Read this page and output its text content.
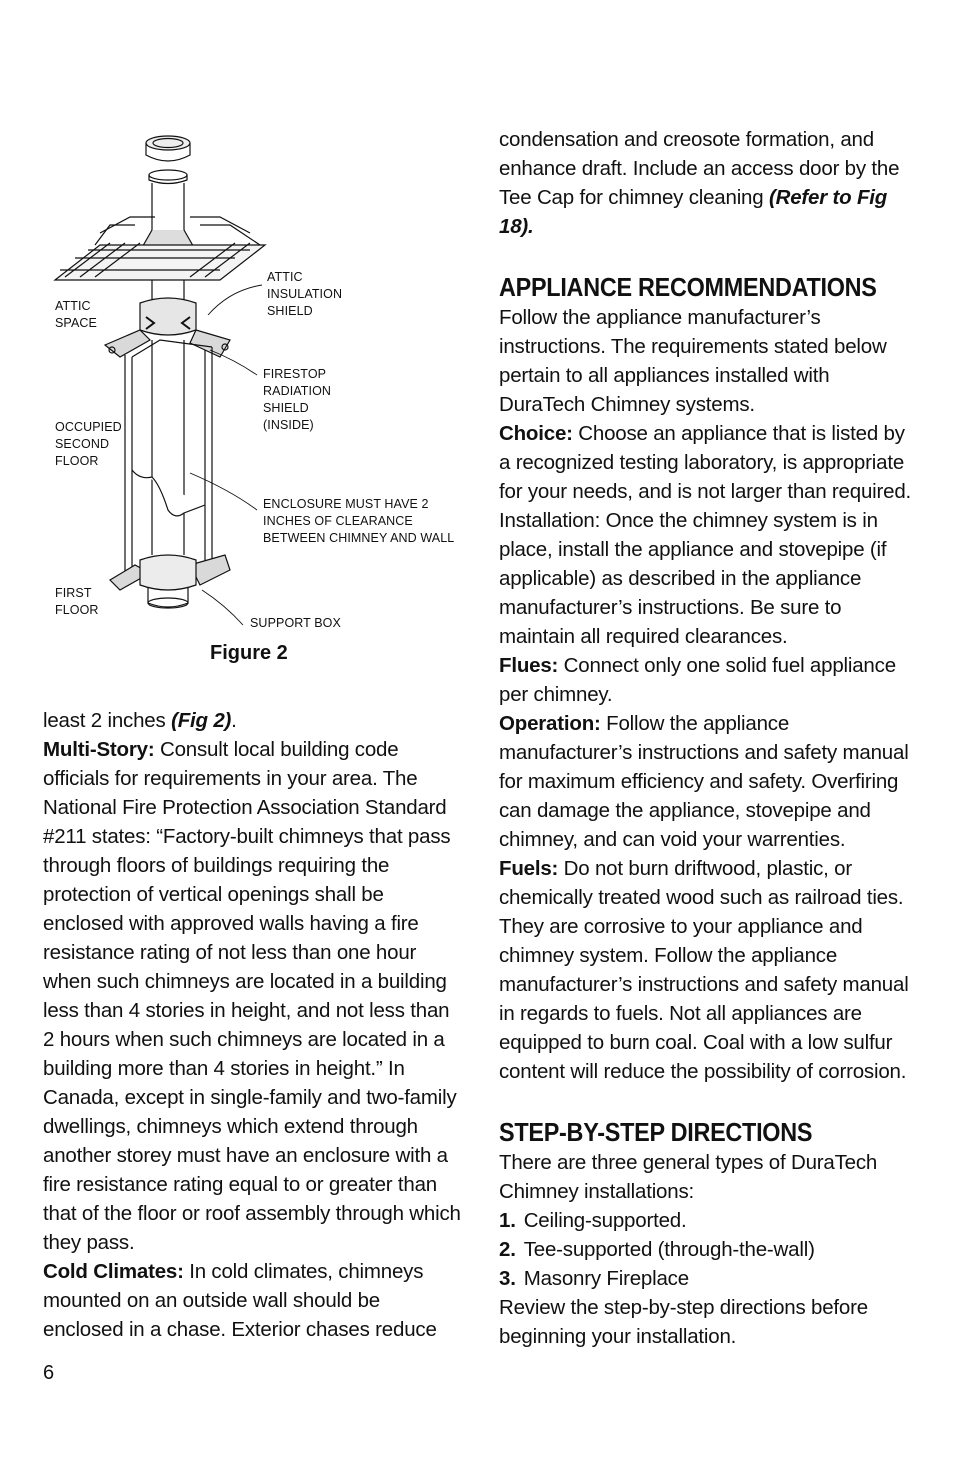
ATTIC
SPACE
ATTIC
INSULATION
SHIELD
FIRESTOP
RADIATION
SHIELD
(INSIDE)
OCCUPIED
SECOND
FLOOR
ENCLOSURE MUST HAVE 2
INCHES OF CLEARANCE
BETWEEN CHIMNEY AND WALL
FIRST
FLOOR
SUPPORT BOX
Figure 2

least 2 inches (Fig 2).

Multi-Story: Consult local building code officials for requirements in your area. The National Fire Protection Association Standard #211 states: “Factory-built chimneys that pass through floors of buildings requiring the protection of vertical openings shall be enclosed with approved walls having a fire resistance rating of not less than one hour when such chimneys are located in a building less than 4 stories in height, and not less than 2 hours when such chimneys are located in a building more than 4 stories in height.” In Canada, except in single-family and two-family dwellings, chimneys which extend through another storey must have an enclosure with a fire resistance rating equal to or greater than that of the floor or roof assembly through which they pass.

Cold Climates: In cold climates, chimneys mounted on an outside wall should be enclosed in a chase. Exterior chases reduce

condensation and creosote formation, and enhance draft. Include an access door by the Tee Cap for chimney cleaning (Refer to Fig 18).

APPLIANCE RECOMMENDATIONS

Follow the appliance manufacturer’s instructions. The requirements stated below pertain to all appliances installed with DuraTech Chimney systems.

Choice: Choose an appliance that is listed by a recognized testing laboratory, is appropriate for your needs, and is not larger than required.

Installation: Once the chimney system is in place, install the appliance and stovepipe (if applicable) as described in the appliance manufacturer’s instructions. Be sure to maintain all required clearances.

Flues: Connect only one solid fuel appliance per chimney.

Operation: Follow the appliance manufacturer’s instructions and safety manual for maximum efficiency and safety. Overfiring can damage the appliance, stovepipe and chimney, and can void your warrenties.

Fuels: Do not burn driftwood, plastic, or chemically treated wood such as railroad ties. They are corrosive to your appliance and chimney system. Follow the appliance manufacturer’s instructions and safety manual in regards to fuels. Not all appliances are equipped to burn coal. Coal with a low sulfur content will reduce the possibility of corrosion.

STEP-BY-STEP DIRECTIONS

There are three general types of DuraTech Chimney installations:

1. Ceiling-supported.

2. Tee-supported (through-the-wall)

3. Masonry Fireplace

Review the step-by-step directions before beginning your installation.

6
